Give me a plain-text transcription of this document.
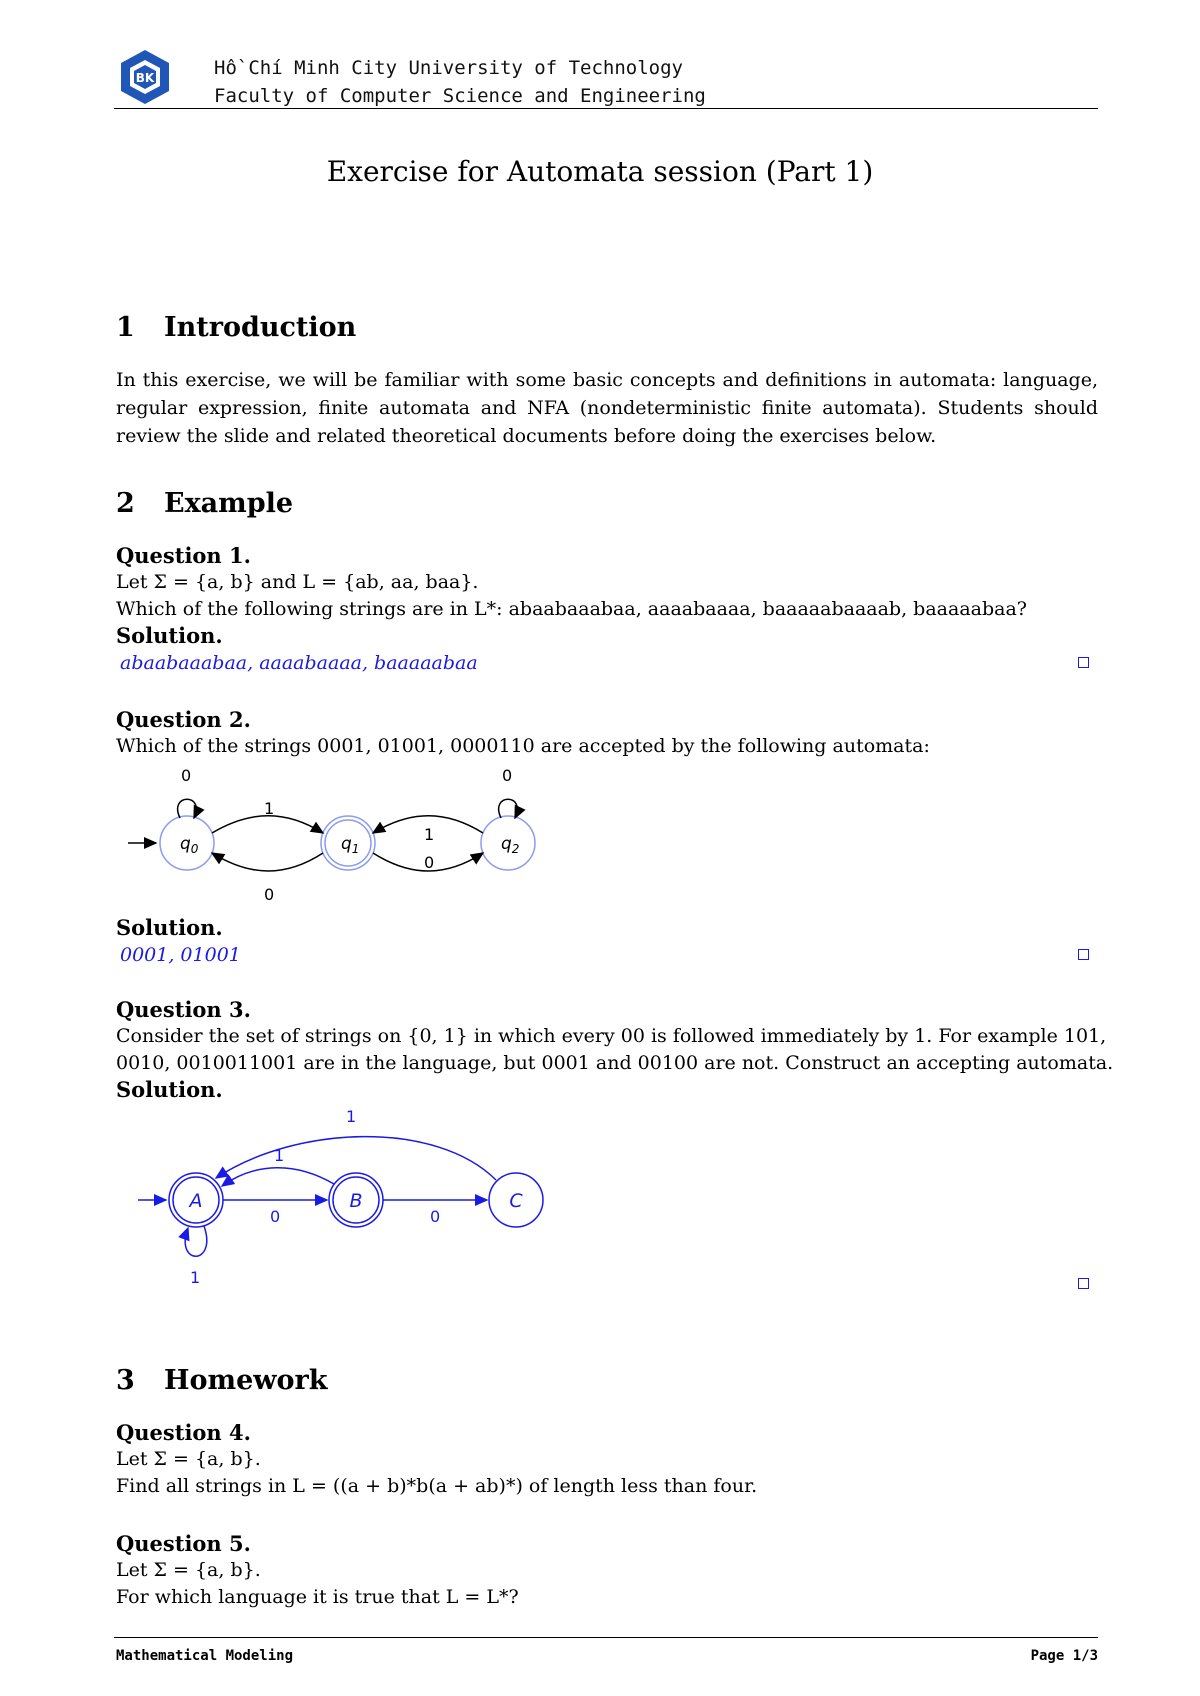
BK	Hồ Chí Minh City University of Technology
Faculty of Computer Science and Engineering
Exercise for Automata session (Part 1)
1 Introduction
In this exercise, we will be familiar with some basic concepts and definitions in automata: language, regular expression, finite automata and NFA (nondeterministic finite automata). Students should review the slide and related theoretical documents before doing the exercises below.
2 Example
Question 1.
Let Σ = {a, b} and L = {ab, aa, baa}.
Which of the following strings are in L*: abaabaaabaa, aaaabaaaa, baaaaabaaaab, baaaaabaa?
Solution.
abaabaaabaa, aaaabaaaa, baaaaabaa
Question 2.
Which of the strings 0001, 01001, 0000110 are accepted by the following automata:
$q_0$	$q_1$	$q_2$
0	0
1
0
1
0
Solution.
0001, 01001
Question 3.
Consider the set of strings on {0, 1} in which every 00 is followed immediately by 1. For example 101,
0010, 0010011001 are in the language, but 0001 and 00100 are not. Construct an accepting automata.
Solution.
A	B	C
1
0	0
1
1
3 Homework
Question 4.
Let Σ = {a, b}.
Find all strings in L = ((a + b)*b(a + ab)*) of length less than four.
Question 5.
Let Σ = {a, b}.
For which language it is true that L = L*?
Mathematical Modeling	Page 1/3
